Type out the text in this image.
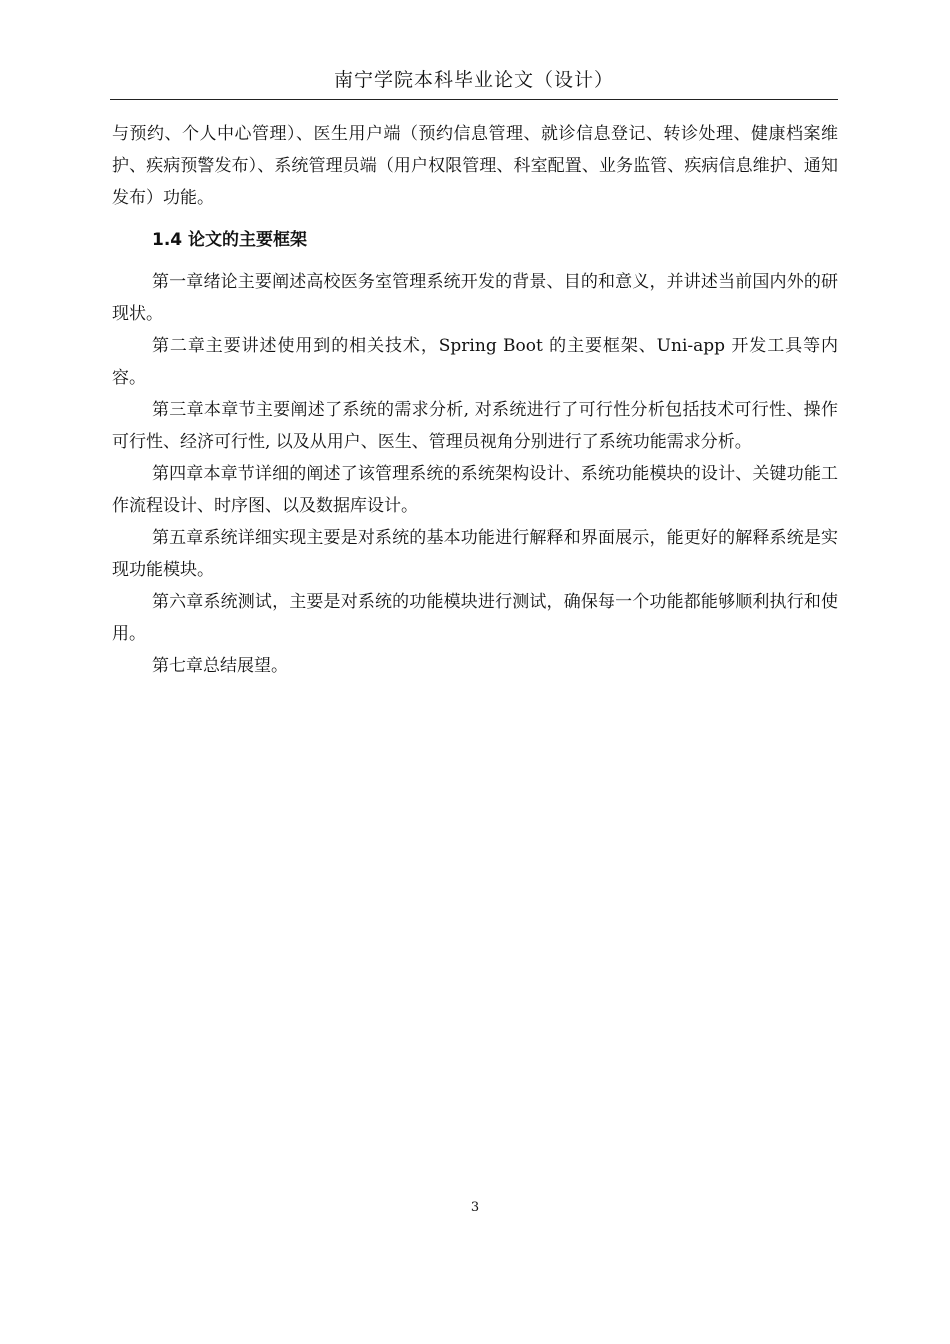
南宁学院本科毕业论文（设计）

与预约、个人中心管理）、医生用户端（预约信息管理、就诊信息登记、转诊处理、健康档案维护、疾病预警发布）、系统管理员端（用户权限管理、科室配置、业务监管、疾病信息维护、通知发布）功能。

1.4 论文的主要框架

第一章绪论主要阐述高校医务室管理系统开发的背景、目的和意义，并讲述当前国内外的研现状。

第二章主要讲述使用到的相关技术，Spring Boot 的主要框架、Uni-app 开发工具等内容。

第三章本章节主要阐述了系统的需求分析, 对系统进行了可行性分析包括技术可行性、操作可行性、经济可行性, 以及从用户、医生、管理员视角分别进行了系统功能需求分析。

第四章本章节详细的阐述了该管理系统的系统架构设计、系统功能模块的设计、关键功能工作流程设计、时序图、以及数据库设计。

第五章系统详细实现主要是对系统的基本功能进行解释和界面展示，能更好的解释系统是实现功能模块。

第六章系统测试，主要是对系统的功能模块进行测试，确保每一个功能都能够顺利执行和使用。

第七章总结展望。

3
